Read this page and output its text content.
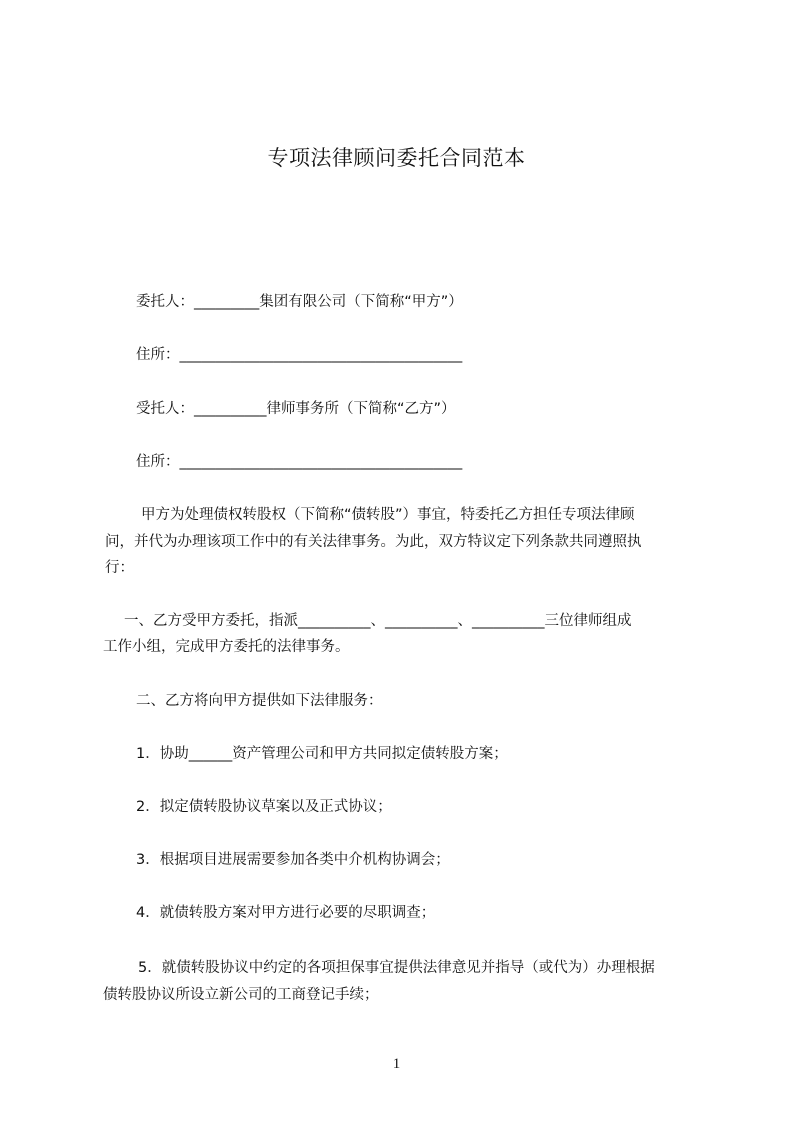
专项法律顾问委托合同范本
委托人：_________集团有限公司（下简称“甲方”）
住所：_______________________________________
受托人：__________律师事务所（下简称“乙方”）
住所：_______________________________________
甲方为处理债权转股权（下简称“债转股”）事宜，特委托乙方担任专项法律顾
问，并代为办理该项工作中的有关法律事务。为此，双方特议定下列条款共同遵照执
行：
一、乙方受甲方委托，指派__________、__________、__________三位律师组成
工作小组，完成甲方委托的法律事务。
二、乙方将向甲方提供如下法律服务：
1．协助______资产管理公司和甲方共同拟定债转股方案；
2．拟定债转股协议草案以及正式协议；
3．根据项目进展需要参加各类中介机构协调会；
4．就债转股方案对甲方进行必要的尽职调查；
5．就债转股协议中约定的各项担保事宜提供法律意见并指导（或代为）办理根据
债转股协议所设立新公司的工商登记手续；
1
